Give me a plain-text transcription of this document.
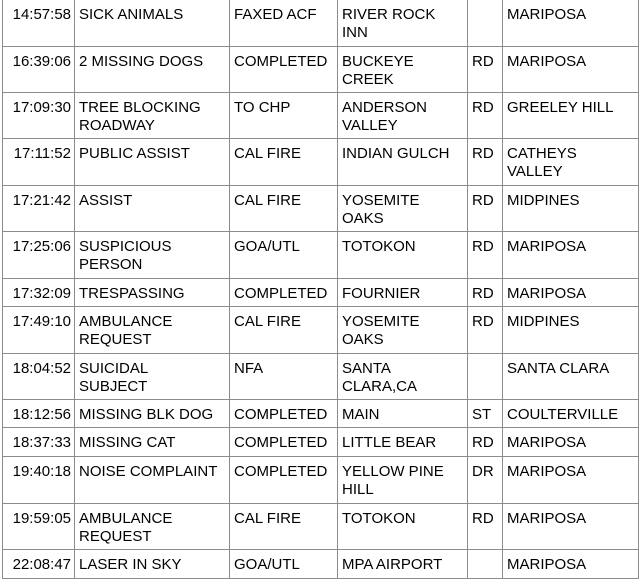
14:57:58	SICK ANIMALS	FAXED ACF	RIVER ROCK
INN		MARIPOSA
16:39:06	2 MISSING DOGS	COMPLETED	BUCKEYE
CREEK	RD	MARIPOSA
17:09:30	TREE BLOCKING
ROADWAY	TO CHP	ANDERSON
VALLEY	RD	GREELEY HILL
17:11:52	PUBLIC ASSIST	CAL FIRE	INDIAN GULCH	RD	CATHEYS
VALLEY
17:21:42	ASSIST	CAL FIRE	YOSEMITE
OAKS	RD	MIDPINES
17:25:06	SUSPICIOUS
PERSON	GOA/UTL	TOTOKON	RD	MARIPOSA
17:32:09	TRESPASSING	COMPLETED	FOURNIER	RD	MARIPOSA
17:49:10	AMBULANCE
REQUEST	CAL FIRE	YOSEMITE
OAKS	RD	MIDPINES
18:04:52	SUICIDAL
SUBJECT	NFA	SANTA
CLARA,CA		SANTA CLARA
18:12:56	MISSING BLK DOG	COMPLETED	MAIN	ST	COULTERVILLE
18:37:33	MISSING CAT	COMPLETED	LITTLE BEAR	RD	MARIPOSA
19:40:18	NOISE COMPLAINT	COMPLETED	YELLOW PINE
HILL	DR	MARIPOSA
19:59:05	AMBULANCE
REQUEST	CAL FIRE	TOTOKON	RD	MARIPOSA
22:08:47	LASER IN SKY	GOA/UTL	MPA AIRPORT		MARIPOSA
